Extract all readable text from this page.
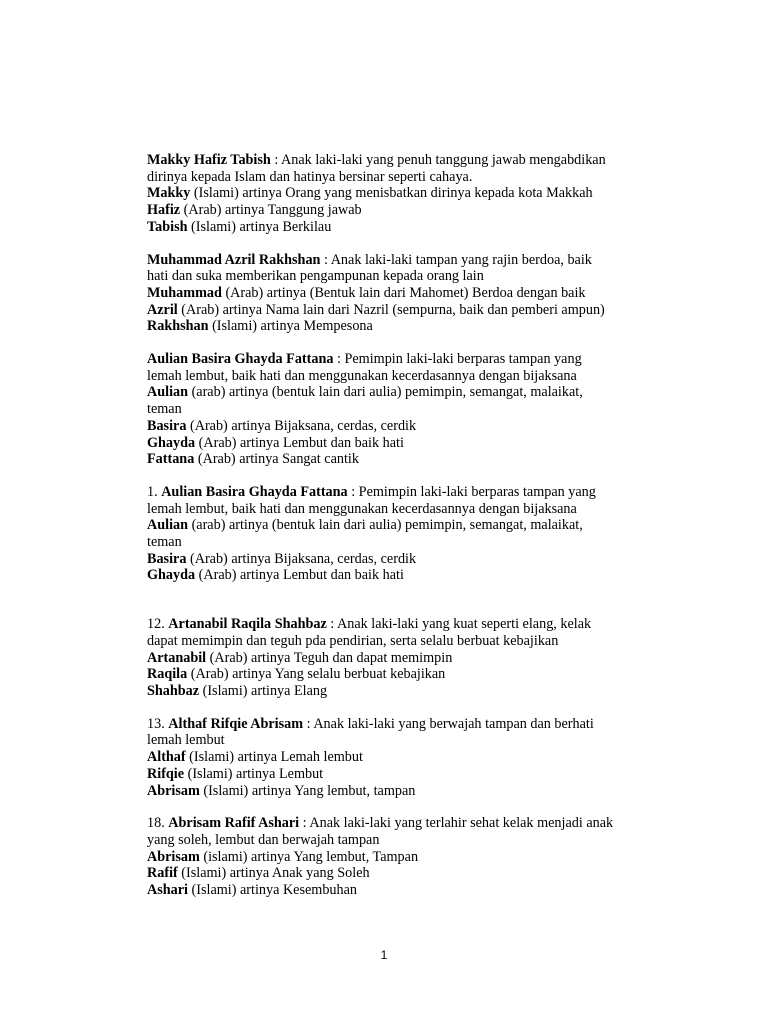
Makky Hafiz Tabish : Anak laki-laki yang penuh tanggung jawab mengabdikan
dirinya kepada Islam dan hatinya bersinar seperti cahaya.
Makky (Islami) artinya Orang yang menisbatkan dirinya kepada kota Makkah
Hafiz (Arab) artinya Tanggung jawab
Tabish (Islami) artinya Berkilau
Muhammad Azril Rakhshan : Anak laki-laki tampan yang rajin berdoa, baik
hati dan suka memberikan pengampunan kepada orang lain
Muhammad (Arab) artinya (Bentuk lain dari Mahomet) Berdoa dengan baik
Azril (Arab) artinya Nama lain dari Nazril (sempurna, baik dan pemberi ampun)
Rakhshan (Islami) artinya Mempesona
Aulian Basira Ghayda Fattana : Pemimpin laki-laki berparas tampan yang
lemah lembut, baik hati dan menggunakan kecerdasannya dengan bijaksana
Aulian (arab) artinya (bentuk lain dari aulia) pemimpin, semangat, malaikat,
teman
Basira (Arab) artinya Bijaksana, cerdas, cerdik
Ghayda (Arab) artinya Lembut dan baik hati
Fattana (Arab) artinya Sangat cantik
1. Aulian Basira Ghayda Fattana : Pemimpin laki-laki berparas tampan yang
lemah lembut, baik hati dan menggunakan kecerdasannya dengan bijaksana
Aulian (arab) artinya (bentuk lain dari aulia) pemimpin, semangat, malaikat,
teman
Basira (Arab) artinya Bijaksana, cerdas, cerdik
Ghayda (Arab) artinya Lembut dan baik hati
12. Artanabil Raqila Shahbaz : Anak laki-laki yang kuat seperti elang, kelak
dapat memimpin dan teguh pda pendirian, serta selalu berbuat kebajikan
Artanabil (Arab) artinya Teguh dan dapat memimpin
Raqila (Arab) artinya Yang selalu berbuat kebajikan
Shahbaz (Islami) artinya Elang
13. Althaf Rifqie Abrisam : Anak laki-laki yang berwajah tampan dan berhati
lemah lembut
Althaf (Islami) artinya Lemah lembut
Rifqie (Islami) artinya Lembut
Abrisam (Islami) artinya Yang lembut, tampan
18. Abrisam Rafif Ashari : Anak laki-laki yang terlahir sehat kelak menjadi anak
yang soleh, lembut dan berwajah tampan
Abrisam (islami) artinya Yang lembut, Tampan
Rafif (Islami) artinya Anak yang Soleh
Ashari (Islami) artinya Kesembuhan
1
